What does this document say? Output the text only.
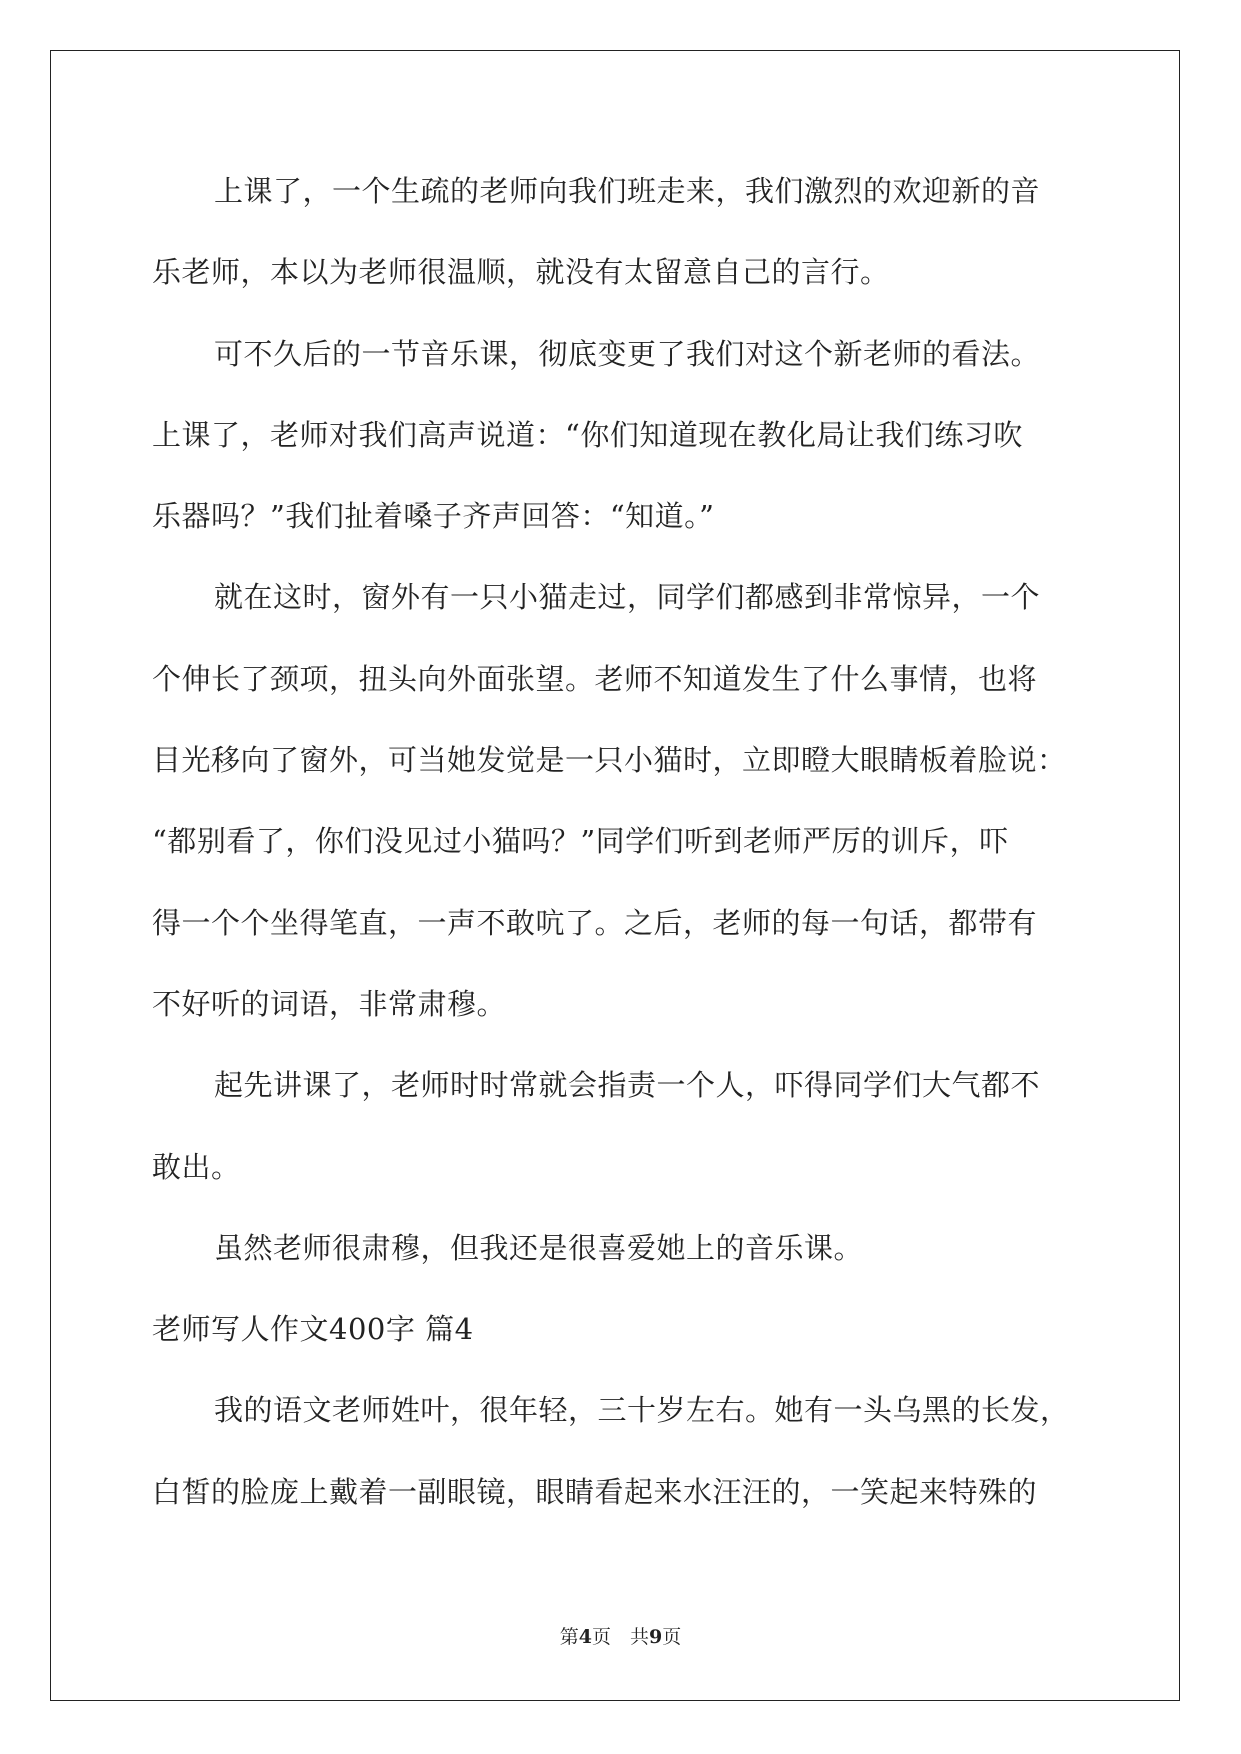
上课了，一个生疏的老师向我们班走来，我们激烈的欢迎新的音
乐老师，本以为老师很温顺，就没有太留意自己的言行。
可不久后的一节音乐课，彻底变更了我们对这个新老师的看法。
上课了，老师对我们高声说道：“你们知道现在教化局让我们练习吹
乐器吗？”我们扯着嗓子齐声回答：“知道。”
就在这时，窗外有一只小猫走过，同学们都感到非常惊异，一个
个伸长了颈项，扭头向外面张望。老师不知道发生了什么事情，也将
目光移向了窗外，可当她发觉是一只小猫时，立即瞪大眼睛板着脸说：
“都别看了，你们没见过小猫吗？”同学们听到老师严厉的训斥，吓
得一个个坐得笔直，一声不敢吭了。之后，老师的每一句话，都带有
不好听的词语，非常肃穆。
起先讲课了，老师时时常就会指责一个人，吓得同学们大气都不
敢出。
虽然老师很肃穆，但我还是很喜爱她上的音乐课。
老师写人作文400字 篇4
我的语文老师姓叶，很年轻，三十岁左右。她有一头乌黑的长发，
白皙的脸庞上戴着一副眼镜，眼睛看起来水汪汪的，一笑起来特殊的
第4页　共9页
